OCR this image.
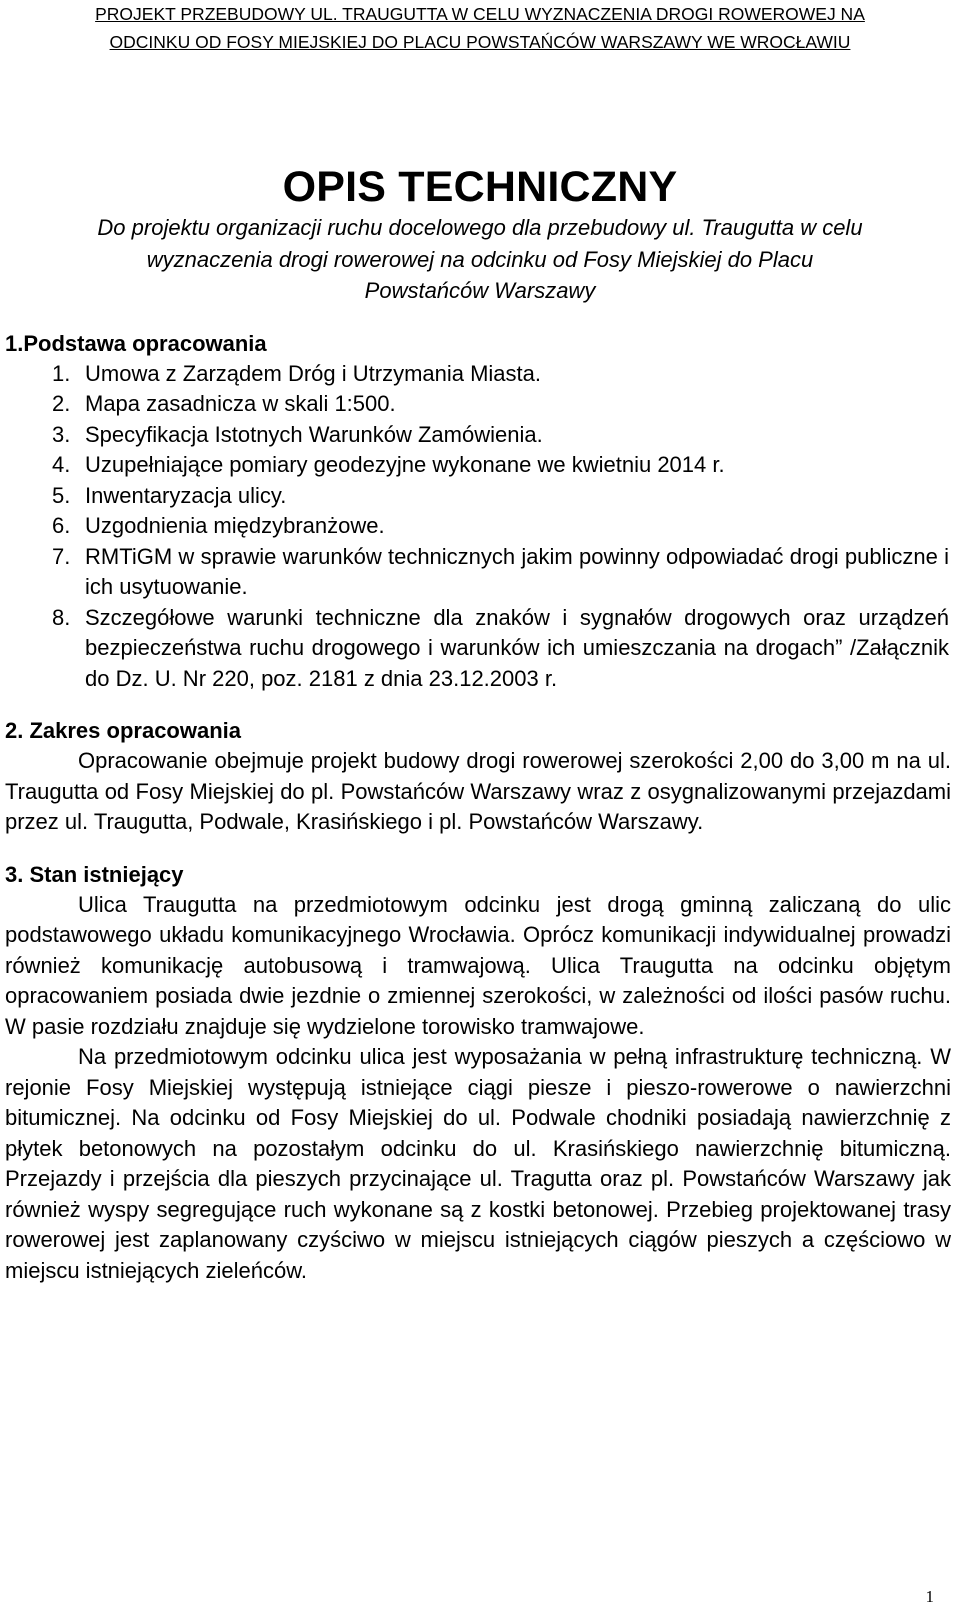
PROJEKT PRZEBUDOWY UL. TRAUGUTTA W CELU WYZNACZENIA DROGI ROWEROWEJ NA
ODCINKU OD FOSY MIEJSKIEJ DO PLACU POWSTAŃCÓW WARSZAWY WE WROCŁAWIU
OPIS TECHNICZNY
Do projektu organizacji ruchu docelowego dla przebudowy ul. Traugutta w celu
wyznaczenia drogi rowerowej na odcinku od Fosy Miejskiej do Placu
Powstańców Warszawy
1.Podstawa opracowania
1. Umowa z Zarządem Dróg i Utrzymania Miasta.
2. Mapa zasadnicza w skali 1:500.
3. Specyfikacja Istotnych Warunków Zamówienia.
4. Uzupełniające pomiary geodezyjne wykonane we kwietniu 2014 r.
5. Inwentaryzacja ulicy.
6. Uzgodnienia międzybranżowe.
7. RMTiGM w sprawie warunków technicznych jakim powinny odpowiadać drogi publiczne i ich usytuowanie.
8. Szczegółowe warunki techniczne dla znaków i sygnałów drogowych oraz urządzeń bezpieczeństwa ruchu drogowego i warunków ich umieszczania na drogach” /Załącznik do Dz. U. Nr 220, poz. 2181 z dnia 23.12.2003 r.
2. Zakres opracowania

Opracowanie obejmuje projekt budowy drogi rowerowej szerokości 2,00 do 3,00 m na ul. Traugutta od Fosy Miejskiej do pl. Powstańców Warszawy wraz z osygnalizowanymi przejazdami przez ul. Traugutta, Podwale, Krasińskiego i pl. Powstańców Warszawy.

3. Stan istniejący

Ulica Traugutta na przedmiotowym odcinku jest drogą gminną zaliczaną do ulic podstawowego układu komunikacyjnego Wrocławia. Oprócz komunikacji indywidualnej prowadzi również komunikację autobusową i tramwajową. Ulica Traugutta na odcinku objętym opracowaniem posiada dwie jezdnie o zmiennej szerokości, w zależności od ilości pasów ruchu. W pasie rozdziału znajduje się wydzielone torowisko tramwajowe.

Na przedmiotowym odcinku ulica jest wyposażania w pełną infrastrukturę techniczną. W rejonie Fosy Miejskiej występują istniejące ciągi piesze i pieszo-rowerowe o nawierzchni bitumicznej. Na odcinku od Fosy Miejskiej do ul. Podwale chodniki posiadają nawierzchnię z płytek betonowych na pozostałym odcinku do ul. Krasińskiego nawierzchnię bitumiczną. Przejazdy i przejścia dla pieszych przycinające ul. Tragutta oraz pl. Powstańców Warszawy jak również wyspy segregujące ruch wykonane są z kostki betonowej. Przebieg projektowanej trasy rowerowej jest zaplanowany czyściwo w miejscu istniejących ciągów pieszych a częściowo w miejscu istniejących zieleńców.

1
